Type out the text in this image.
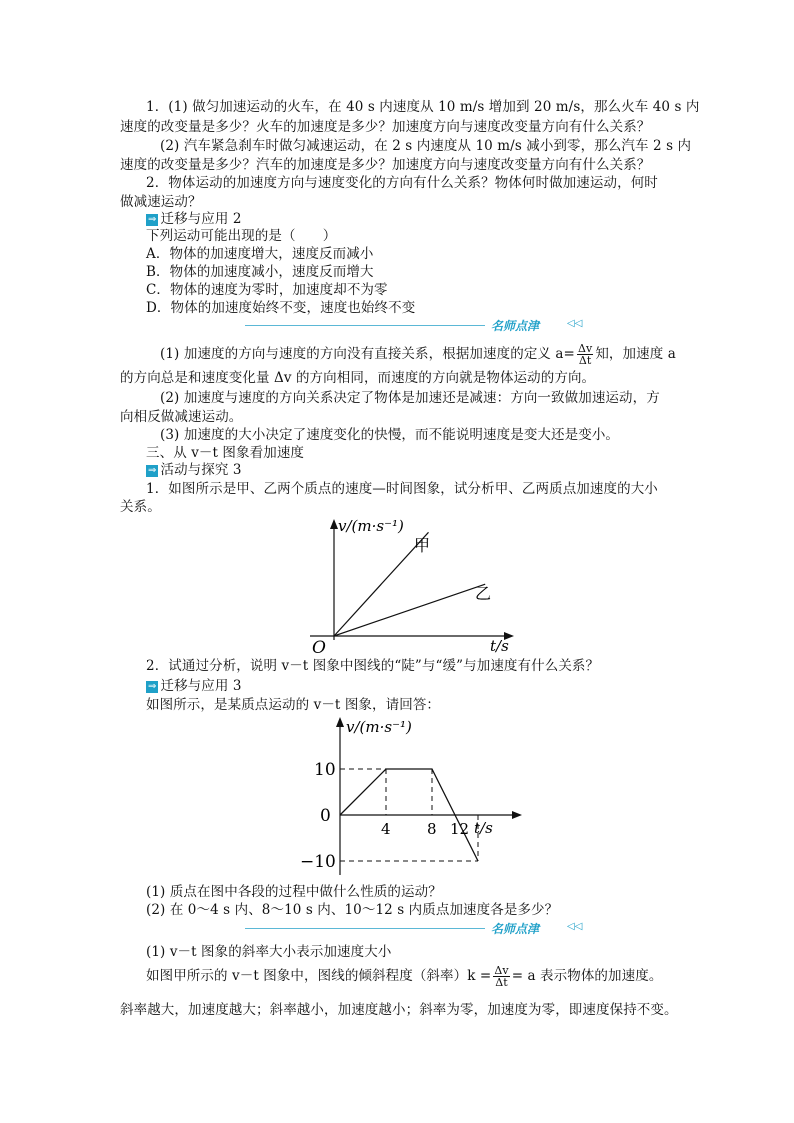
1．(1) 做匀加速运动的火车，在 40 s 内速度从 10 m/s 增加到 20 m/s，那么火车 40 s 内
速度的改变量是多少？火车的加速度是多少？加速度方向与速度改变量方向有什么关系？
(2) 汽车紧急刹车时做匀减速运动，在 2 s 内速度从 10 m/s 减小到零，那么汽车 2 s 内
速度的改变量是多少？汽车的加速度是多少？加速度方向与速度改变量方向有什么关系？
2．物体运动的加速度方向与速度变化的方向有什么关系？物体何时做加速运动，何时
做减速运动？
⇒ 迁移与应用 2
下列运动可能出现的是（　　）
A．物体的加速度增大，速度反而减小
B．物体的加速度减小，速度反而增大
C．物体的速度为零时，加速度却不为零
D．物体的加速度始终不变，速度也始终不变
名师点津	◁◁
(1) 加速度的方向与速度的方向没有直接关系，根据加速度的定义 $a= \frac{\Delta v}{\Delta t}$ 知，加速度 a
的方向总是和速度变化量 Δv 的方向相同，而速度的方向就是物体运动的方向。
(2) 加速度与速度的方向关系决定了物体是加速还是减速：方向一致做加速运动，方
向相反做减速运动。
(3) 加速度的大小决定了速度变化的快慢，而不能说明速度是变大还是变小。
三、从 v－t 图象看加速度
⇒ 活动与探究 3
1．如图所示是甲、乙两个质点的速度—时间图象，试分析甲、乙两质点加速度的大小
关系。
v/(m·s⁻¹)
t/s
O
甲
乙
2．试通过分析，说明 v－t 图象中图线的“陡”与“缓”与加速度有什么关系？
⇒ 迁移与应用 3
如图所示，是某质点运动的 v－t 图象，请回答：
v/(m·s⁻¹)
t/s
10
0
−10
4 8 12
(1) 质点在图中各段的过程中做什么性质的运动？
(2) 在 0～4 s 内、8～10 s 内、10～12 s 内质点加速度各是多少？
名师点津	◁◁
(1) v－t 图象的斜率大小表示加速度大小
如图甲所示的 v－t 图象中，图线的倾斜程度（斜率）$k = \frac{\Delta v}{\Delta t} = a$ 表示物体的加速度。
斜率越大，加速度越大；斜率越小，加速度越小；斜率为零，加速度为零，即速度保持不变。
